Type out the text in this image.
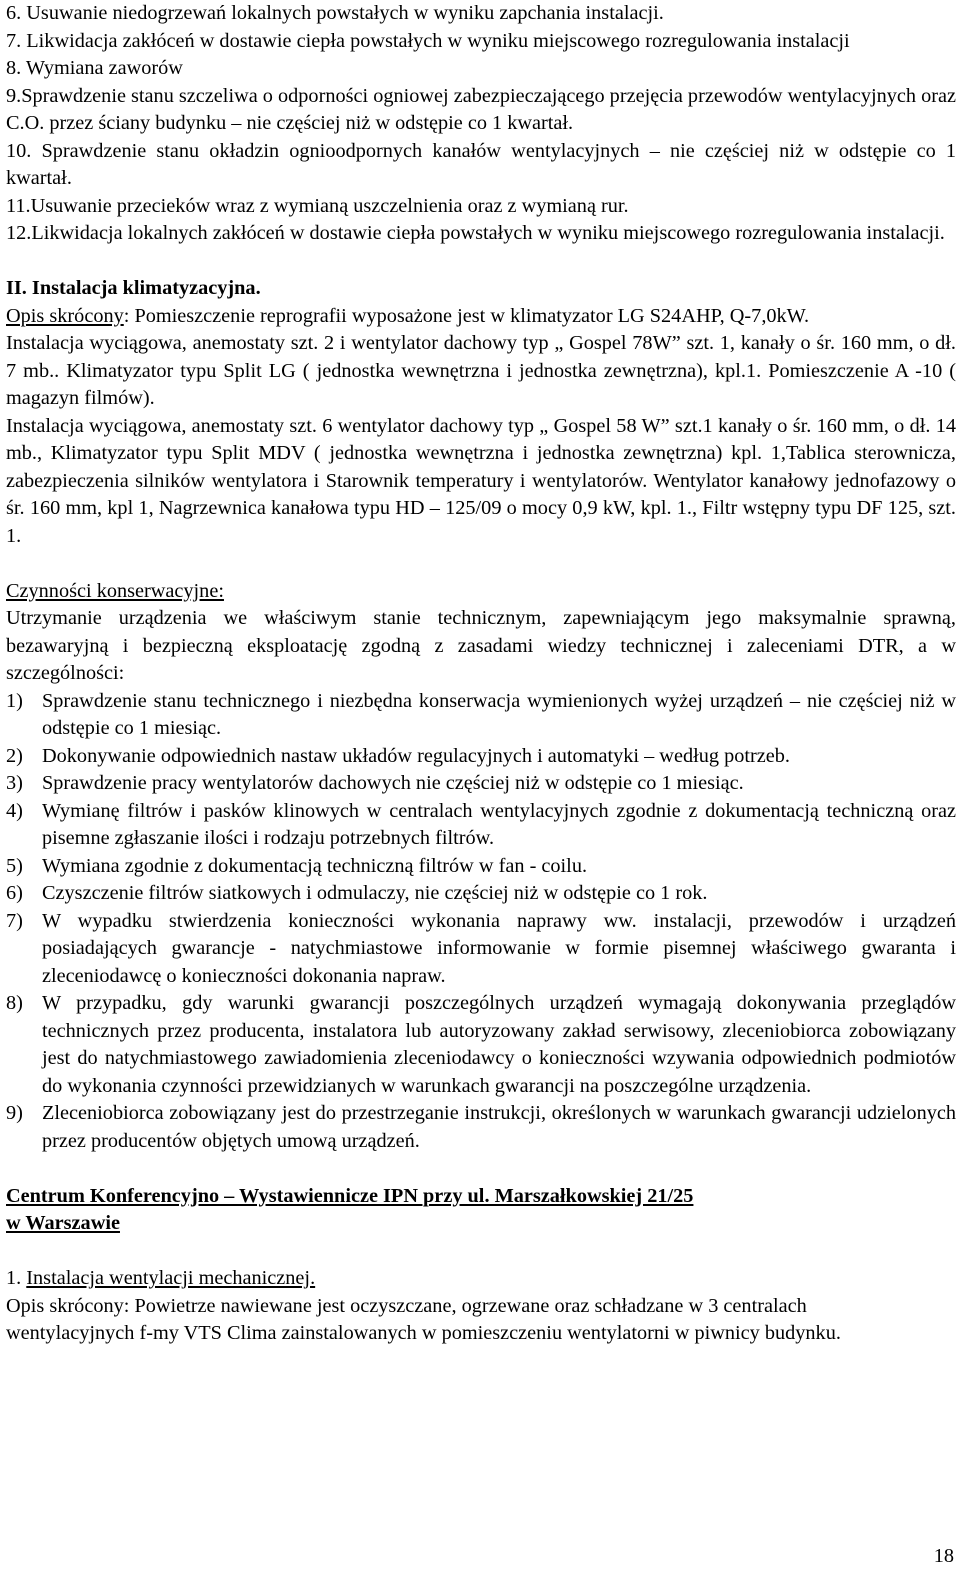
6. Usuwanie niedogrzewań lokalnych powstałych w wyniku zapchania instalacji.

7. Likwidacja zakłóceń w dostawie ciepła powstałych w wyniku miejscowego rozregulowania instalacji

8. Wymiana zaworów

9.Sprawdzenie stanu szczeliwa o odporności ogniowej zabezpieczającego przejęcia przewodów wentylacyjnych oraz C.O. przez ściany budynku – nie częściej niż w odstępie co 1 kwartał.

10. Sprawdzenie stanu okładzin ognioodpornych kanałów wentylacyjnych – nie częściej niż w odstępie co 1 kwartał.

11.Usuwanie przecieków wraz z wymianą uszczelnienia oraz z wymianą rur.

12.Likwidacja lokalnych zakłóceń w dostawie ciepła powstałych w wyniku miejscowego rozregulowania instalacji.

II. Instalacja klimatyzacyjna.

Opis skrócony: Pomieszczenie reprografii wyposażone jest w klimatyzator LG S24AHP, Q-7,0kW.

Instalacja wyciągowa, anemostaty szt. 2 i wentylator dachowy typ „ Gospel 78W” szt. 1, kanały o śr. 160 mm, o dł. 7 mb.. Klimatyzator typu Split LG ( jednostka wewnętrzna i jednostka zewnętrzna), kpl.1. Pomieszczenie A -10 ( magazyn filmów).

Instalacja wyciągowa, anemostaty szt. 6 wentylator dachowy typ „ Gospel 58 W” szt.1 kanały o śr. 160 mm, o dł. 14 mb., Klimatyzator typu Split MDV ( jednostka wewnętrzna i jednostka zewnętrzna) kpl. 1,Tablica sterownicza, zabezpieczenia silników wentylatora i Starownik temperatury i wentylatorów. Wentylator kanałowy jednofazowy o śr. 160 mm, kpl 1, Nagrzewnica kanałowa typu HD – 125/09 o mocy 0,9 kW, kpl. 1., Filtr wstępny typu DF 125, szt. 1.

Czynności konserwacyjne:

Utrzymanie urządzenia we właściwym stanie technicznym, zapewniającym jego maksymalnie sprawną, bezawaryjną i bezpieczną eksploatację zgodną z zasadami wiedzy technicznej i zaleceniami DTR, a w szczególności:

1) Sprawdzenie stanu technicznego i niezbędna konserwacja wymienionych wyżej urządzeń – nie częściej niż w odstępie co 1 miesiąc.
2) Dokonywanie odpowiednich nastaw układów regulacyjnych i automatyki – według potrzeb.
3) Sprawdzenie pracy wentylatorów dachowych nie częściej niż w odstępie co 1 miesiąc.
4) Wymianę filtrów i pasków klinowych w centralach wentylacyjnych zgodnie z dokumentacją techniczną oraz pisemne zgłaszanie ilości i rodzaju potrzebnych filtrów.
5) Wymiana zgodnie z dokumentacją techniczną filtrów w fan - coilu.
6) Czyszczenie filtrów siatkowych i odmulaczy, nie częściej niż w odstępie co 1 rok.
7) W wypadku stwierdzenia konieczności wykonania naprawy ww. instalacji, przewodów i urządzeń posiadających gwarancje - natychmiastowe informowanie w formie pisemnej właściwego gwaranta i zleceniodawcę o konieczności dokonania napraw.
8) W przypadku, gdy warunki gwarancji poszczególnych urządzeń wymagają dokonywania przeglądów technicznych przez producenta, instalatora lub autoryzowany zakład serwisowy, zleceniobiorca zobowiązany jest do natychmiastowego zawiadomienia zleceniodawcy o konieczności wzywania odpowiednich podmiotów do wykonania czynności przewidzianych w warunkach gwarancji na poszczególne urządzenia.
9) Zleceniobiorca zobowiązany jest do przestrzeganie instrukcji, określonych w warunkach gwarancji udzielonych przez producentów objętych umową urządzeń.

Centrum Konferencyjno – Wystawiennicze IPN przy ul. Marszałkowskiej 21/25

w Warszawie

1. Instalacja wentylacji mechanicznej.

Opis skrócony: Powietrze nawiewane jest oczyszczane, ogrzewane oraz schładzane w 3 centralach wentylacyjnych f-my VTS Clima zainstalowanych w pomieszczeniu wentylatorni w piwnicy budynku.

18
